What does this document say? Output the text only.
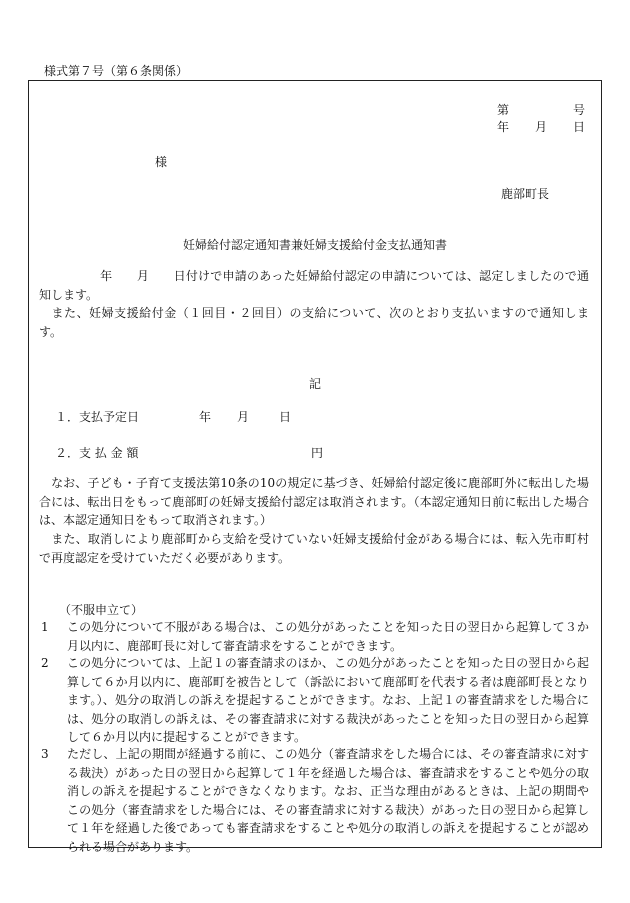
様式第７号（第６条関係）
第	号
年 月 日
様
鹿部町長
妊婦給付認定通知書兼妊婦支援給付金支払通知書
　　　　　年　　月　　日付けで申請のあった妊婦給付認定の申請については、認定しましたので通知します。
　また、妊婦支援給付金（１回目・２回目）の支給について、次のとおり支払いますので通知します。
記
１．支払予定日	年 月	日
２．支 払 金 額	円
　なお、子ども・子育て支援法第10条の10の規定に基づき、妊婦給付認定後に鹿部町外に転出した場合には、転出日をもって鹿部町の妊婦支援給付認定は取消されます。（本認定通知日前に転出した場合は、本認定通知日をもって取消されます。）
　また、取消しにより鹿部町から支給を受けていない妊婦支援給付金がある場合には、転入先市町村で再度認定を受けていただく必要があります。
（不服申立て）
1 この処分について不服がある場合は、この処分があったことを知った日の翌日から起算して３か月以内に、鹿部町長に対して審査請求をすることができます。
2 この処分については、上記１の審査請求のほか、この処分があったことを知った日の翌日から起算して６か月以内に、鹿部町を被告として（訴訟において鹿部町を代表する者は鹿部町長となります。）、処分の取消しの訴えを提起することができます。なお、上記１の審査請求をした場合には、処分の取消しの訴えは、その審査請求に対する裁決があったことを知った日の翌日から起算して６か月以内に提起することができます。
3 ただし、上記の期間が経過する前に、この処分（審査請求をした場合には、その審査請求に対する裁決）があった日の翌日から起算して１年を経過した場合は、審査請求をすることや処分の取消しの訴えを提起することができなくなります。なお、正当な理由があるときは、上記の期間やこの処分（審査請求をした場合には、その審査請求に対する裁決）があった日の翌日から起算して１年を経過した後であっても審査請求をすることや処分の取消しの訴えを提起することが認められる場合があります。
